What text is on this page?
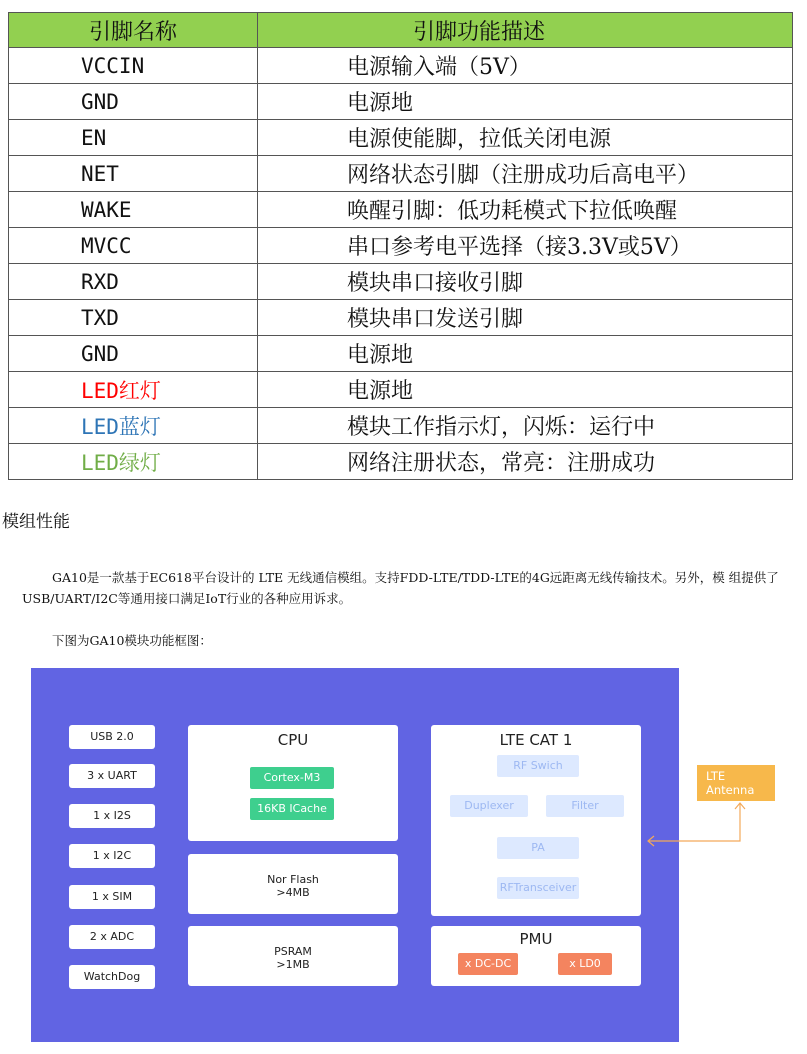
引脚名称	引脚功能描述
VCCIN	电源输入端（5V）
GND	电源地
EN	电源使能脚，拉低关闭电源
NET	网络状态引脚（注册成功后高电平）
WAKE	唤醒引脚：低功耗模式下拉低唤醒
MVCC	串口参考电平选择（接3.3V或5V）
RXD	模块串口接收引脚
TXD	模块串口发送引脚
GND	电源地
LED红灯	电源地
LED蓝灯	模块工作指示灯，闪烁：运行中
LED绿灯	网络注册状态，常亮：注册成功
模组性能
GA10是一款基于EC618平台设计的 LTE 无线通信模组。支持FDD-LTE/TDD-LTE的4G远距离无线传输技术。另外，模 组提供了USB/UART/I2C等通用接口满足IoT行业的各种应用诉求。
下图为GA10模块功能框图：
USB 2.0
3 x UART
1 x I2S
1 x I2C
1 x SIM
2 x ADC
WatchDog
CPU
Cortex-M3
16KB ICache
Nor Flash
>4MB
PSRAM
>1MB
LTE CAT 1
RF Swich
Duplexer	Filter
PA
RFTransceiver
PMU
x DC-DC	x LD0
LTE
Antenna
